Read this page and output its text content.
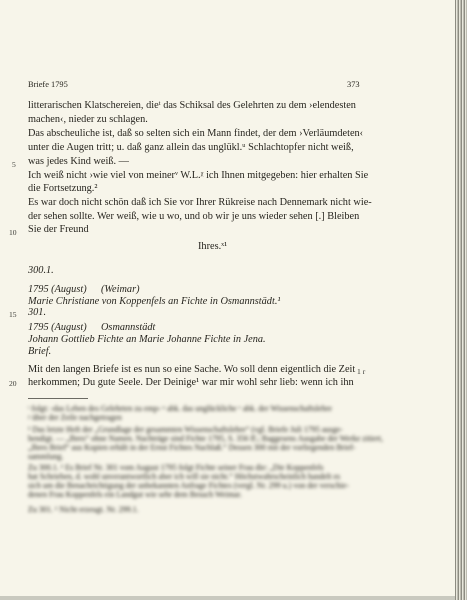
Briefe 1795	373
litterarischen Klatschereien, dieᵗ das Schiksal des Gelehrten zu dem ›elendesten
machen‹, nieder zu schlagen.
Das abscheuliche ist, daß so selten sich ein Mann findet, der dem ›Verläumdeten‹
unter die Augen tritt; u. daß ganz allein das unglükl.ᵘ Schlachtopfer nicht weiß,
was jedes Kind weiß. —
Ich weiß nicht ›wie viel von meinerᵛ W.L.ᵡ ich Ihnen mitgegeben: hier erhalten Sie
die Fortsetzung.²
Es war doch nicht schön daß ich Sie vor Ihrer Rükreise nach Dennemark nicht wie-
der sehen sollte. Wer weiß, wie u wo, und ob wir je uns wieder sehen [.] Bleiben
Sie der Freund
Ihres.ˣ¹
5
10
15
20
300.1.
1795 (August) (Weimar)
Marie Christiane von Koppenfels an Fichte in Osmannstädt.¹
301.
1795 (August) Osmannstädt
Johann Gottlieb Fichte an Marie Johanne Fichte in Jena.
Brief.
Mit den langen Briefe ist es nun so eine Sache. Wo soll denn eigentlich die Zeit
herkommen; Du gute Seele. Der Deinige¹ war mir wohl sehr lieb: wenn ich ihn
1 r
ᵗ folgt: ›das Leben des Gelehrten zu emp‹ ᵘ abk. das unglückliche ᵛ abk. der Wissenschaftslehre
ᵡ über der Zeile nachgetragen
¹ Das letzte Heft der „Grundlage der gesammten Wissenschaftslehre“ (vgl. Briefe Juli 1795 ausge-
hendigt. — „Ihres“ ohne Namen. Nachträge sind Fichte 1795, S. 356 ff.; Baggesens Ausgabe der Werke zitiert,
„Ihres Brief“ aus Kopien erhält in der Ernst Fichtes Nachlaß.“ Dessen 300 mit der vorliegenden Brief-
sammlung.
Zu 300.1. ¹ Es Brief Nr. 301 vom August 1795 folgt Fichte seiner Frau die: „Die Koppenfels
hat Schrieben, d. wohl unverantwortlich aber ich will sie nicht.“ Höchstwahrscheinlich handelt es
sich um die Benachrichtigung der unbekannten Anfrage Fichtes (vergl. Nr. 299 u.) von der verschie-
denen Frau Koppenfels ein Landgut wie sehr dem Besuch Weimar.
Zu 301. ¹ Nicht erzeugt. Nr. 299.1.
